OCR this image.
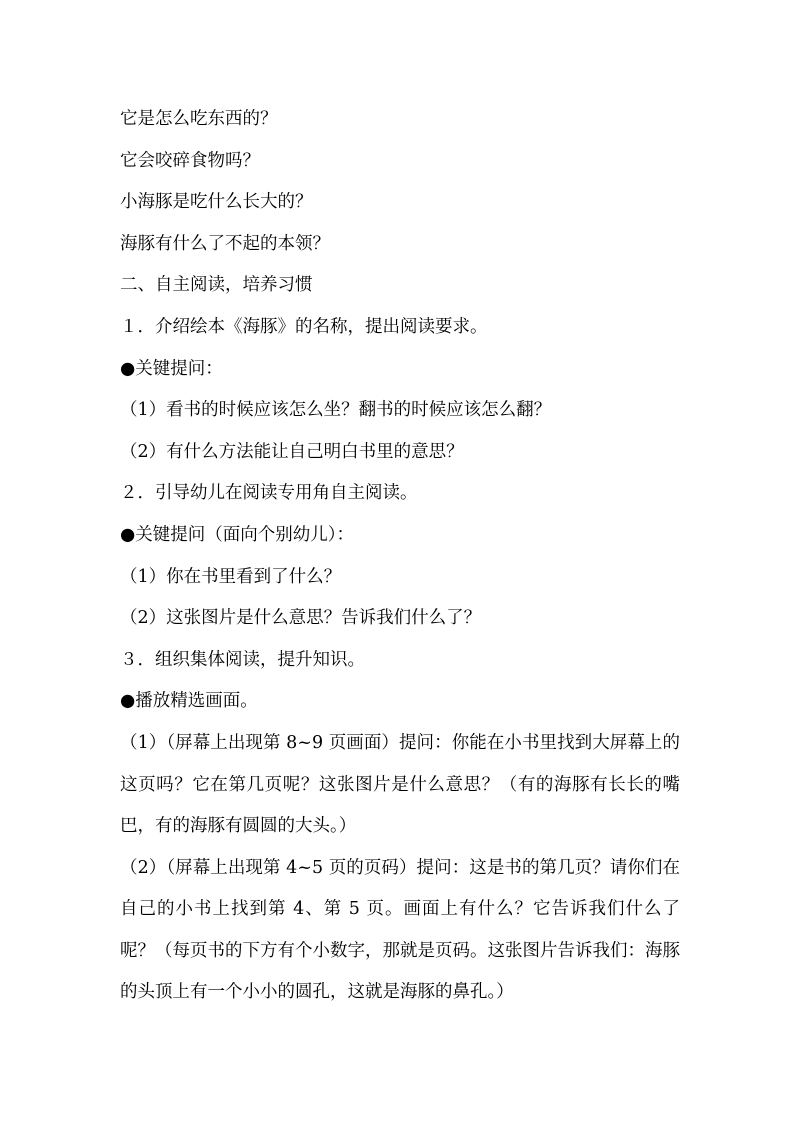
它是怎么吃东西的？
它会咬碎食物吗？
小海豚是吃什么长大的？
海豚有什么了不起的本领？
二、自主阅读，培养习惯
１．介绍绘本《海豚》的名称，提出阅读要求。
●关键提问：
（1）看书的时候应该怎么坐？翻书的时候应该怎么翻？
（2）有什么方法能让自己明白书里的意思？
２．引导幼儿在阅读专用角自主阅读。
●关键提问（面向个别幼儿）：
（1）你在书里看到了什么？
（2）这张图片是什么意思？告诉我们什么了？
３．组织集体阅读，提升知识。
●播放精选画面。
（1）（屏幕上出现第 8~9 页画面）提问：你能在小书里找到大屏幕上的这页吗？它在第几页呢？这张图片是什么意思？（有的海豚有长长的嘴巴，有的海豚有圆圆的大头。）
（2）（屏幕上出现第 4~5 页的页码）提问：这是书的第几页？请你们在自己的小书上找到第 4、第 5 页。画面上有什么？它告诉我们什么了呢？（每页书的下方有个小数字，那就是页码。这张图片告诉我们：海豚的头顶上有一个小小的圆孔，这就是海豚的鼻孔。）
